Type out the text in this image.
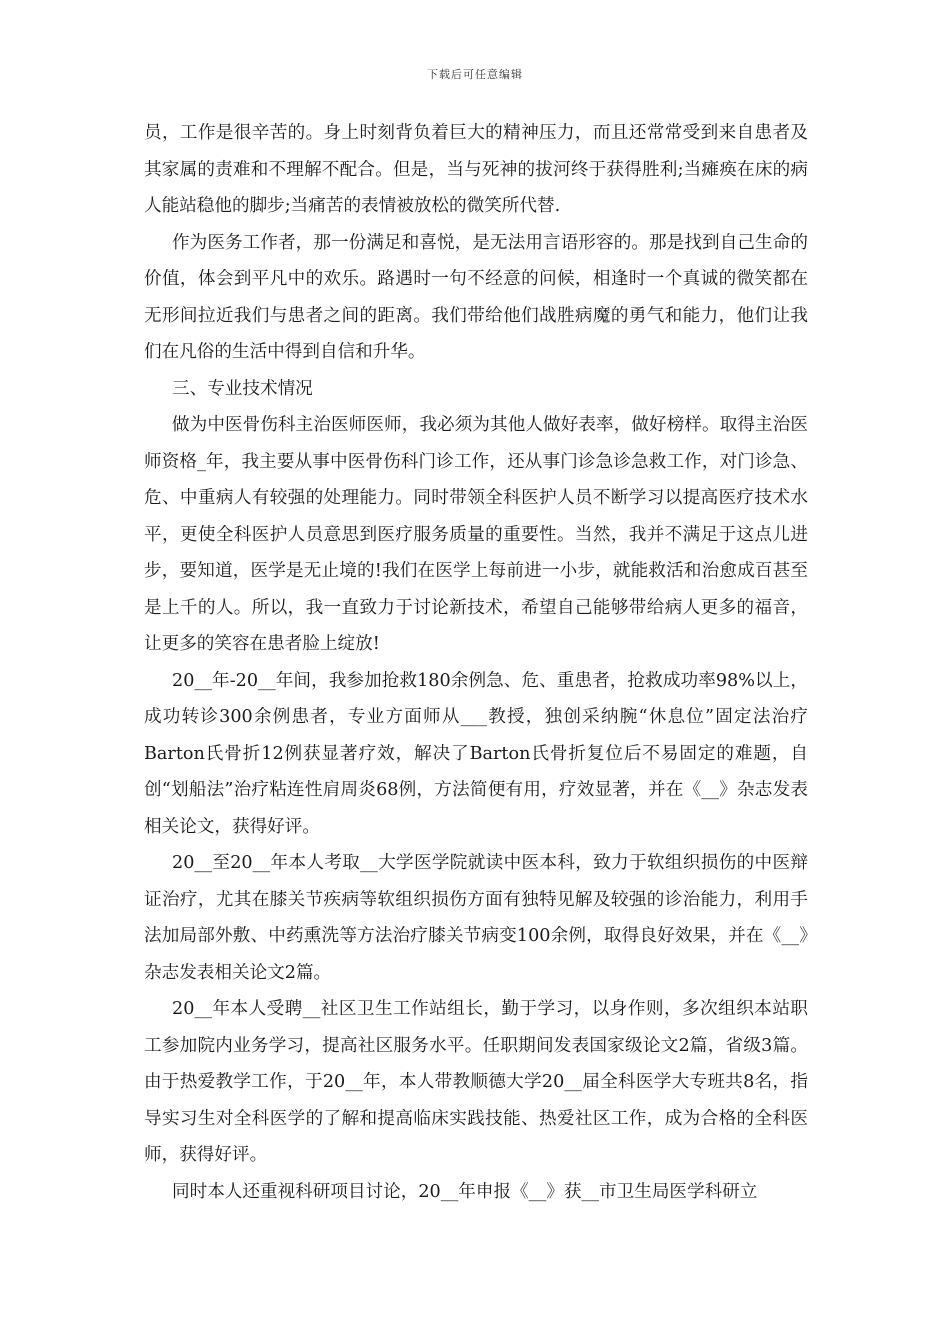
下载后可任意编辑

员，工作是很辛苦的。身上时刻背负着巨大的精神压力，而且还常常受到来自患者及其家属的责难和不理解不配合。但是，当与死神的拔河终于获得胜利;当瘫痪在床的病人能站稳他的脚步;当痛苦的表情被放松的微笑所代替.

作为医务工作者，那一份满足和喜悦，是无法用言语形容的。那是找到自己生命的价值，体会到平凡中的欢乐。路遇时一句不经意的问候，相逢时一个真诚的微笑都在无形间拉近我们与患者之间的距离。我们带给他们战胜病魔的勇气和能力，他们让我们在凡俗的生活中得到自信和升华。

三、专业技术情况

做为中医骨伤科主治医师医师，我必须为其他人做好表率，做好榜样。取得主治医师资格_年，我主要从事中医骨伤科门诊工作，还从事门诊急诊急救工作，对门诊急、危、中重病人有较强的处理能力。同时带领全科医护人员不断学习以提高医疗技术水平，更使全科医护人员意思到医疗服务质量的重要性。当然，我并不满足于这点儿进步，要知道，医学是无止境的!我们在医学上每前进一小步，就能救活和治愈成百甚至是上千的人。所以，我一直致力于讨论新技术，希望自己能够带给病人更多的福音，让更多的笑容在患者脸上绽放!

20__年-20__年间，我参加抢救180余例急、危、重患者，抢救成功率98%以上，成功转诊300余例患者，专业方面师从___教授，独创采纳腕“休息位”固定法治疗Barton氏骨折12例获显著疗效，解决了Barton氏骨折复位后不易固定的难题，自创“划船法”治疗粘连性肩周炎68例，方法简便有用，疗效显著，并在《__》杂志发表相关论文，获得好评。

20__至20__年本人考取__大学医学院就读中医本科，致力于软组织损伤的中医辩证治疗，尤其在膝关节疾病等软组织损伤方面有独特见解及较强的诊治能力，利用手法加局部外敷、中药熏洗等方法治疗膝关节病变100余例，取得良好效果，并在《__》杂志发表相关论文2篇。

20__年本人受聘__社区卫生工作站组长，勤于学习，以身作则，多次组织本站职工参加院内业务学习，提高社区服务水平。任职期间发表国家级论文2篇，省级3篇。由于热爱教学工作，于20__年，本人带教顺德大学20__届全科医学大专班共8名，指导实习生对全科医学的了解和提高临床实践技能、热爱社区工作，成为合格的全科医师，获得好评。

同时本人还重视科研项目讨论，20__年申报《__》获__市卫生局医学科研立
